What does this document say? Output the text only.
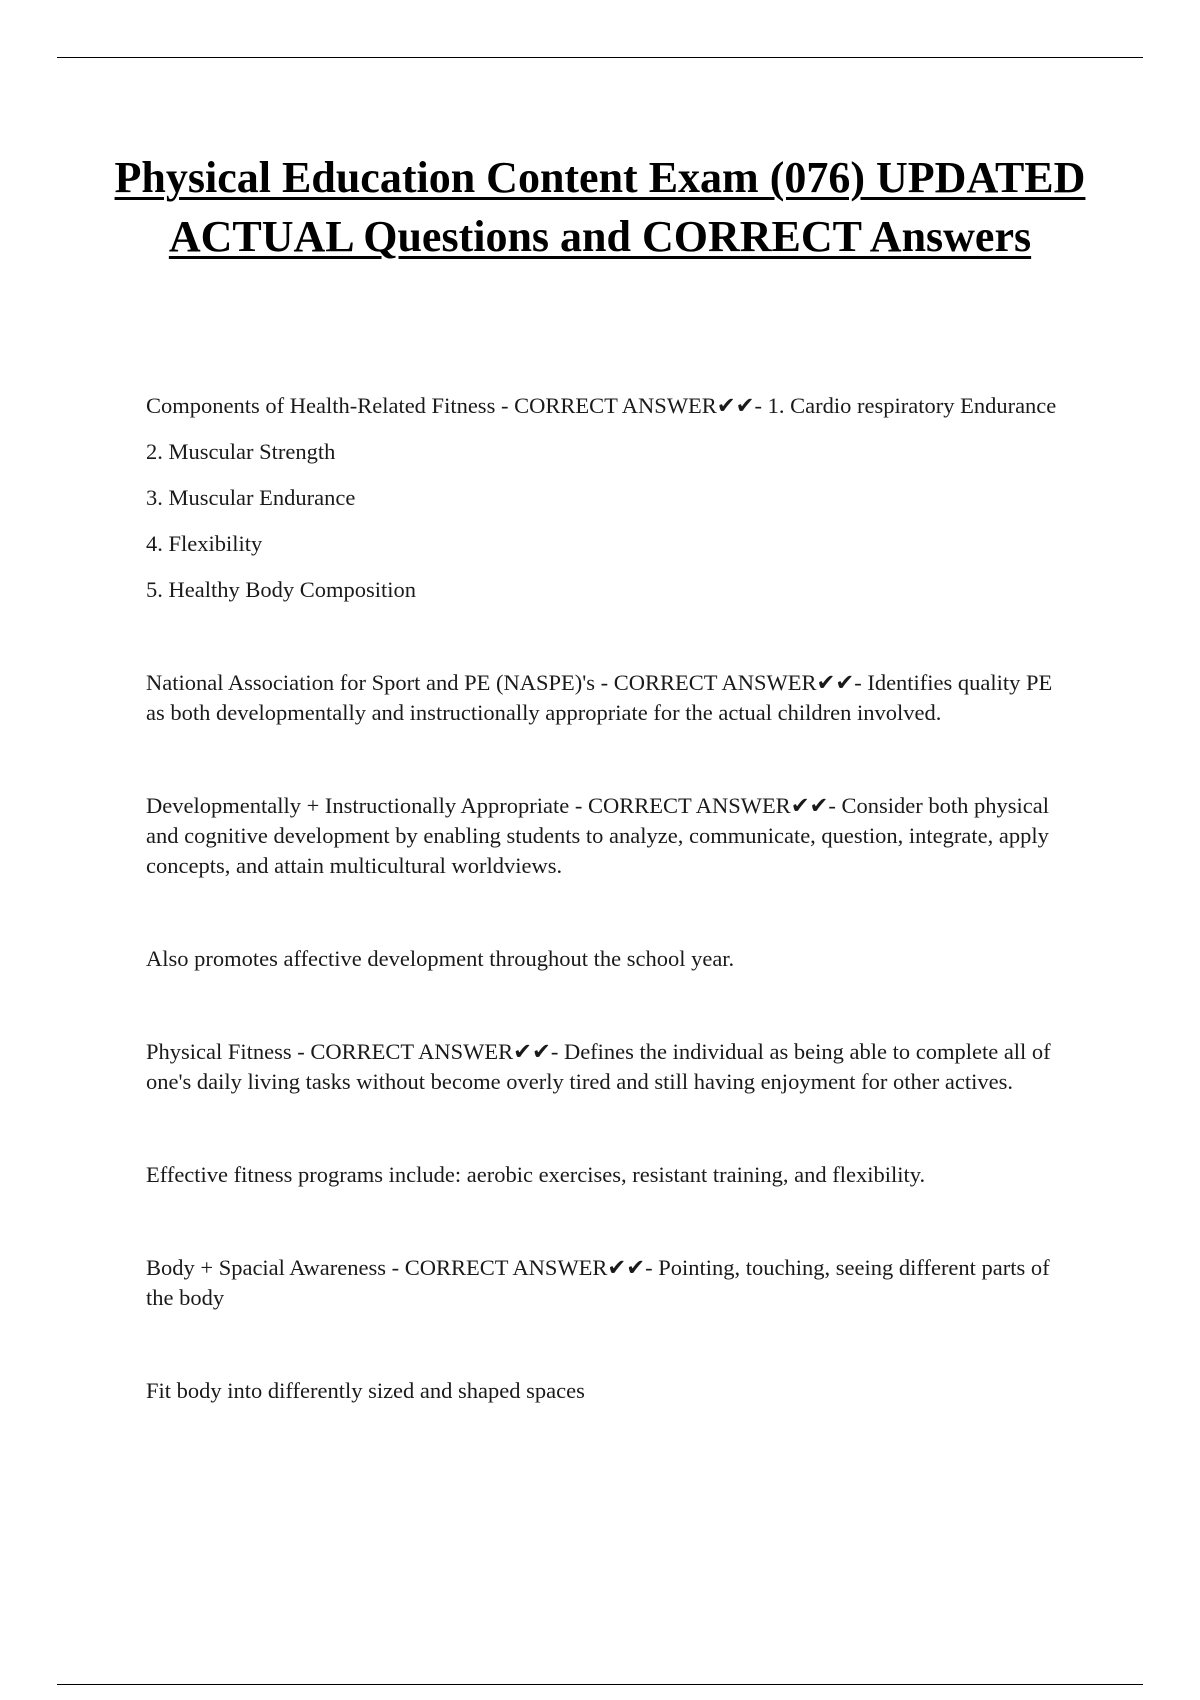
Physical Education Content Exam (076) UPDATED ACTUAL Questions and CORRECT Answers

Components of Health-Related Fitness - CORRECT ANSWER✔✔- 1. Cardio respiratory Endurance

2. Muscular Strength

3. Muscular Endurance

4. Flexibility

5. Healthy Body Composition

National Association for Sport and PE (NASPE)'s - CORRECT ANSWER✔✔- Identifies quality PE as both developmentally and instructionally appropriate for the actual children involved.

Developmentally + Instructionally Appropriate - CORRECT ANSWER✔✔- Consider both physical and cognitive development by enabling students to analyze, communicate, question, integrate, apply concepts, and attain multicultural worldviews.

Also promotes affective development throughout the school year.

Physical Fitness - CORRECT ANSWER✔✔- Defines the individual as being able to complete all of one's daily living tasks without become overly tired and still having enjoyment for other actives.

Effective fitness programs include: aerobic exercises, resistant training, and flexibility.

Body + Spacial Awareness - CORRECT ANSWER✔✔- Pointing, touching, seeing different parts of the body

Fit body into differently sized and shaped spaces
